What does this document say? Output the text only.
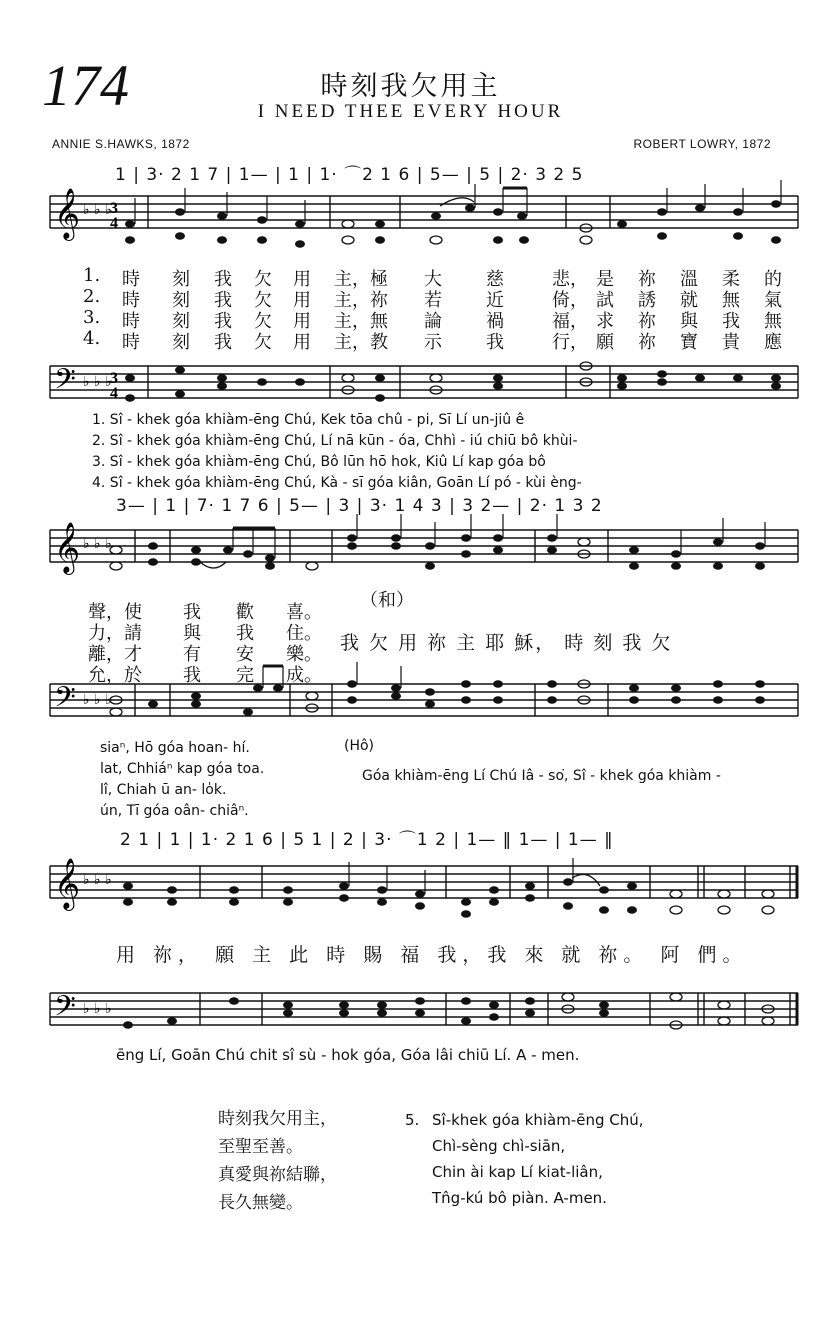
174	時刻我欠用主
I NEED THEE EVERY HOUR
ANNIE S.HAWKS, 1872	ROBERT LOWRY, 1872
1 | 3· 2 1 7 | 1— | 1 | 1· ⌒2 1 6 | 5— | 5 | 2· 3 2 5
𝄞 ♭ ♭ ♭
3
4
1.
2.
3.
4.
時 刻 我 欠 用 主，極 大 慈	悲， 是 祢 溫 柔 的
時 刻 我 欠 用 主，祢 若 近	倚， 試 誘 就 無 氣
時 刻 我 欠 用 主，無 論 禍	福， 求 祢 與 我 無
時 刻 我 欠 用 主，教 示 我	行， 願 祢 寶 貴 應
𝄢 ♭ ♭ ♭
3
4
1. Sî - khek góa khiàm-ēng Chú, Kek tōa chû - pi, Sī Lí un-jiû ê
2. Sî - khek góa khiàm-ēng Chú, Lí nā kūn - óa, Chhì - iú chiū bô khùi-
3. Sî - khek góa khiàm-ēng Chú, Bô lūn hō hok, Kiû Lí kap góa bô
4. Sî - khek góa khiàm-ēng Chú, Kà - sī góa kiân, Goān Lí pó - kùi èng-
3— | 1 | 7· 1 7 6 | 5— | 3 | 3· 1 4 3 | 3 2— | 2· 1 3 2
𝄞 ♭ ♭ ♭
聲，使 我 歡 喜。
力，請 與 我 住。
離，才 有 安 樂。
允，於 我 完 成。
（和）
我 欠 用 祢 主 耶 穌， 時 刻 我 欠
𝄢 ♭ ♭ ♭
siaⁿ, Hō góa hoan- hí.	(Hô)
lat, Chhiáⁿ kap góa toa.	Góa khiàm-ēng Lí Chú Iâ - so͘, Sî - khek góa khiàm -
lî, Chiah ū an- lo̍k.
ún, Tī góa oân- chiâⁿ.
2 1 | 1 | 1· 2 1 6 | 5 1 | 2 | 3· ⌒1 2 | 1— ‖ 1— | 1— ‖
𝄞 ♭ ♭ ♭
用 祢， 願 主 此 時 賜 福 我，我 來 就 祢。 阿 們。
𝄢 ♭ ♭ ♭
ēng Lí, Goān Chú chit sî sù - hok góa, Góa lâi chiū Lí. A - men.
時刻我欠用主，
至聖至善。
真愛與祢結聯，
長久無變。
5. Sî-khek góa khiàm-ēng Chú,
Chì-sèng chì-siān,
Chin ài kap Lí kiat-liân,
Tn̂g-kú bô piàn. A-men.
